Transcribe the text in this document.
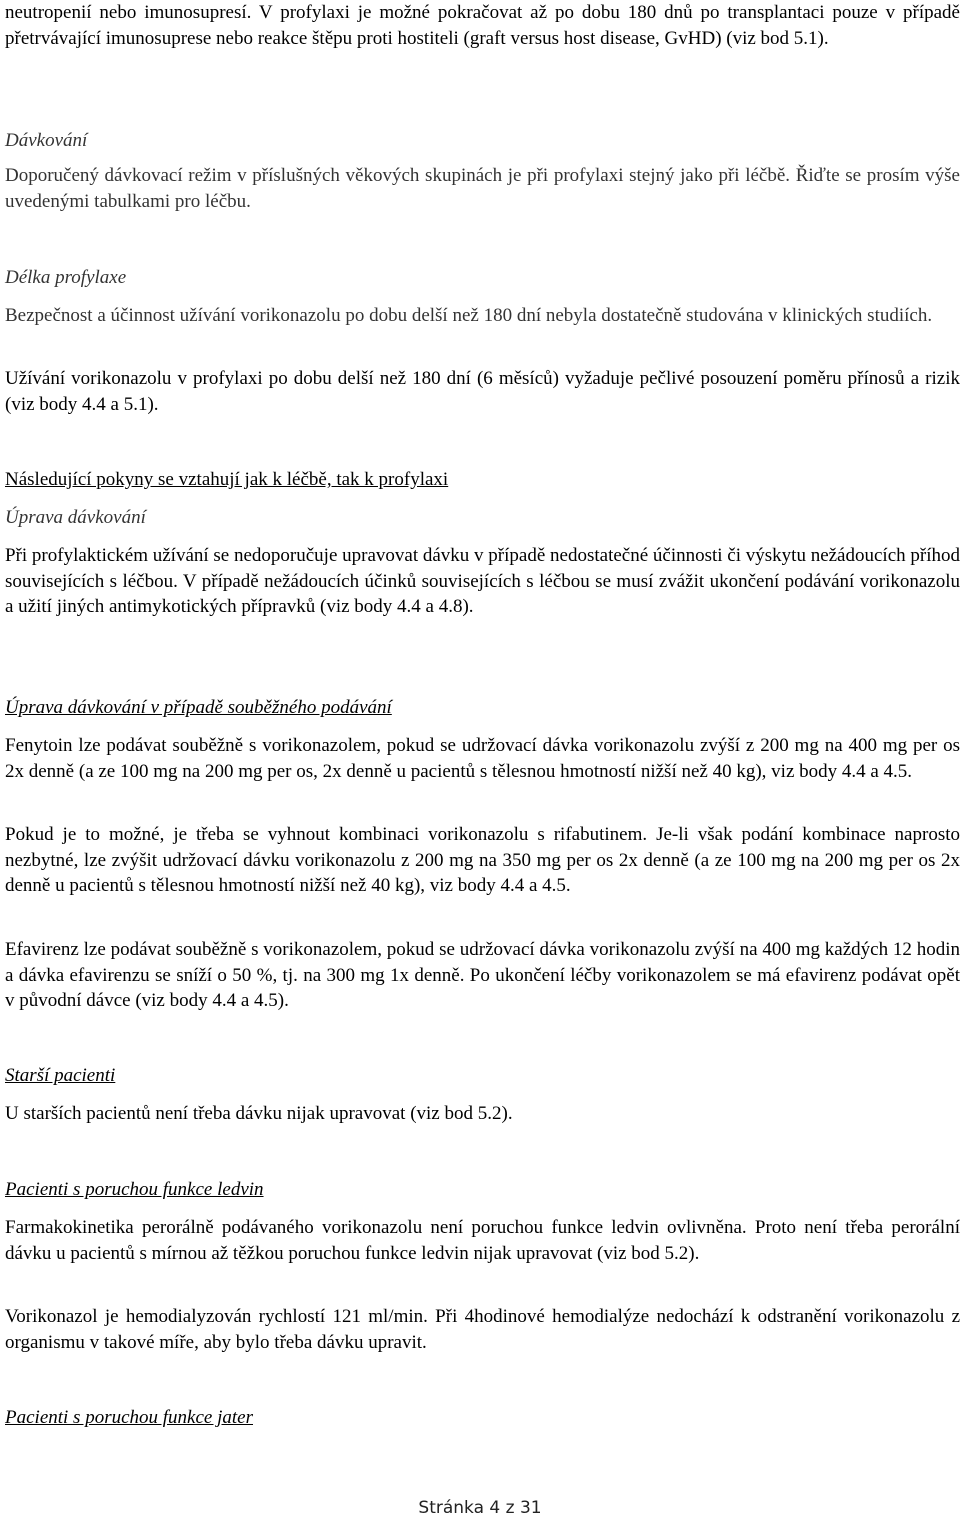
neutropenií nebo imunosupresí. V profylaxi je možné pokračovat až po dobu 180 dnů po transplantaci pouze v případě přetrvávající imunosuprese nebo reakce štěpu proti hostiteli (graft versus host disease, GvHD) (viz bod 5.1).

Dávkování

Doporučený dávkovací režim v příslušných věkových skupinách je při profylaxi stejný jako při léčbě. Řiďte se prosím výše uvedenými tabulkami pro léčbu.

Délka profylaxe

Bezpečnost a účinnost užívání vorikonazolu po dobu delší než 180 dní nebyla dostatečně studována v klinických studiích.

Užívání vorikonazolu v profylaxi po dobu delší než 180 dní (6 měsíců) vyžaduje pečlivé posouzení poměru přínosů a rizik (viz body 4.4 a 5.1).

Následující pokyny se vztahují jak k léčbě, tak k profylaxi

Úprava dávkování

Při profylaktickém užívání se nedoporučuje upravovat dávku v případě nedostatečné účinnosti či výskytu nežádoucích příhod souvisejících s léčbou. V případě nežádoucích účinků souvisejících s léčbou se musí zvážit ukončení podávání vorikonazolu a užití jiných antimykotických přípravků (viz body 4.4 a 4.8).

Úprava dávkování v případě souběžného podávání

Fenytoin lze podávat souběžně s vorikonazolem, pokud se udržovací dávka vorikonazolu zvýší z 200 mg na 400 mg per os 2x denně (a ze 100 mg na 200 mg per os, 2x denně u pacientů s tělesnou hmotností nižší než 40 kg), viz body 4.4 a 4.5.

Pokud je to možné, je třeba se vyhnout kombinaci vorikonazolu s rifabutinem. Je-li však podání kombinace naprosto nezbytné, lze zvýšit udržovací dávku vorikonazolu z 200 mg na 350 mg per os 2x denně (a ze 100 mg na 200 mg per os 2x denně u pacientů s tělesnou hmotností nižší než 40 kg), viz body 4.4 a 4.5.

Efavirenz lze podávat souběžně s vorikonazolem, pokud se udržovací dávka vorikonazolu zvýší na 400 mg každých 12 hodin a dávka efavirenzu se sníží o 50 %, tj. na 300 mg 1x denně. Po ukončení léčby vorikonazolem se má efavirenz podávat opět v původní dávce (viz body 4.4 a 4.5).

Starší pacienti

U starších pacientů není třeba dávku nijak upravovat (viz bod 5.2).

Pacienti s poruchou funkce ledvin

Farmakokinetika perorálně podávaného vorikonazolu není poruchou funkce ledvin ovlivněna. Proto není třeba perorální dávku u pacientů s mírnou až těžkou poruchou funkce ledvin nijak upravovat (viz bod 5.2).

Vorikonazol je hemodialyzován rychlostí 121 ml/min. Při 4hodinové hemodialýze nedochází k odstranění vorikonazolu z organismu v takové míře, aby bylo třeba dávku upravit.

Pacienti s poruchou funkce jater

Stránka 4 z 31
